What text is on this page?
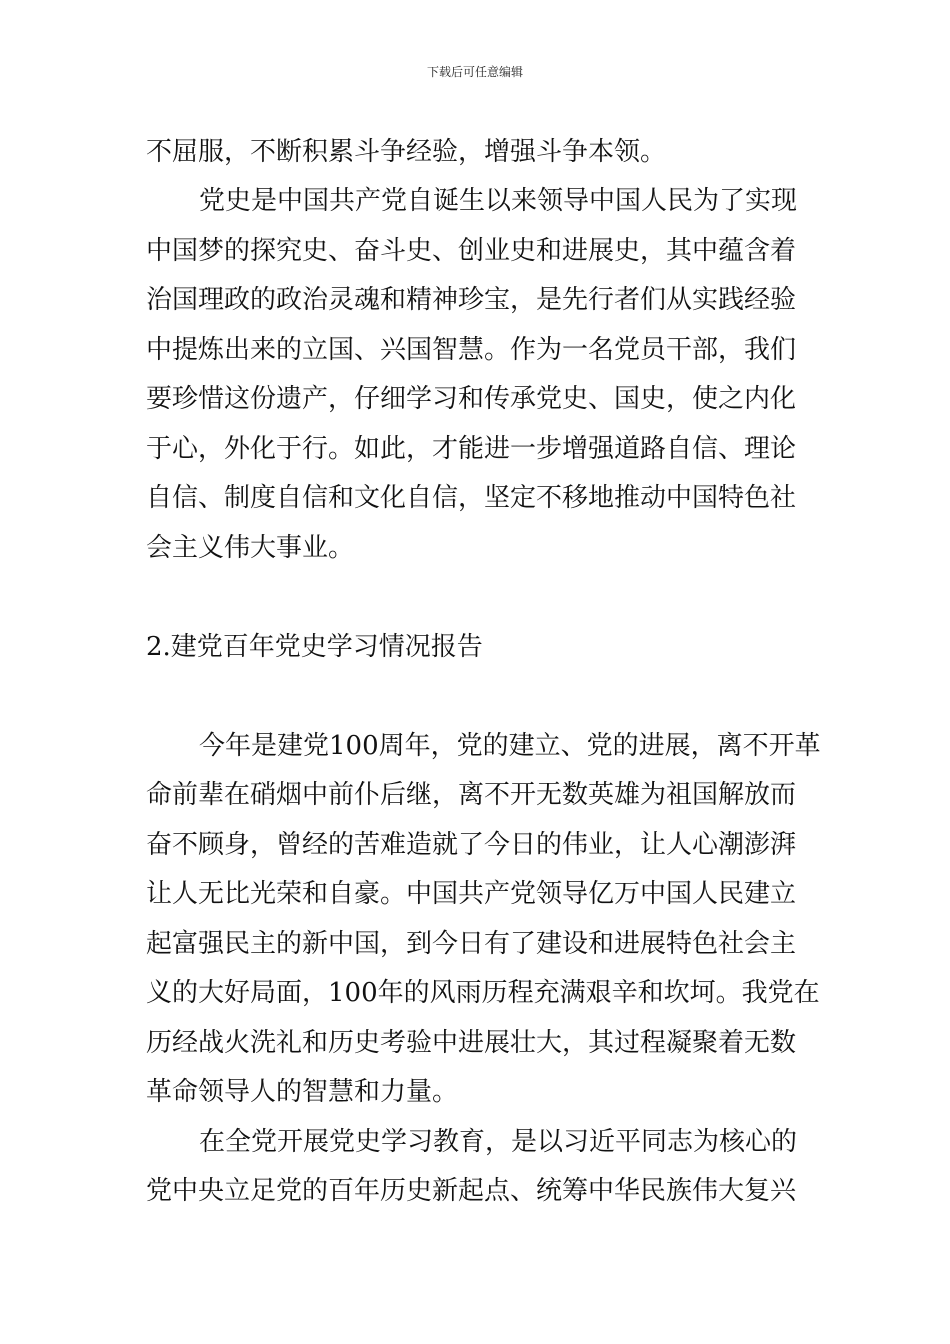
下载后可任意编辑
不屈服，不断积累斗争经验，增强斗争本领。
党史是中国共产党自诞生以来领导中国人民为了实现
中国梦的探究史、奋斗史、创业史和进展史，其中蕴含着
治国理政的政治灵魂和精神珍宝，是先行者们从实践经验
中提炼出来的立国、兴国智慧。作为一名党员干部，我们
要珍惜这份遗产，仔细学习和传承党史、国史，使之内化
于心，外化于行。如此，才能进一步增强道路自信、理论
自信、制度自信和文化自信，坚定不移地推动中国特色社
会主义伟大事业。
2.建党百年党史学习情况报告
今年是建党100周年，党的建立、党的进展，离不开革
命前辈在硝烟中前仆后继，离不开无数英雄为祖国解放而
奋不顾身，曾经的苦难造就了今日的伟业，让人心潮澎湃
让人无比光荣和自豪。中国共产党领导亿万中国人民建立
起富强民主的新中国，到今日有了建设和进展特色社会主
义的大好局面，100年的风雨历程充满艰辛和坎坷。我党在
历经战火洗礼和历史考验中进展壮大，其过程凝聚着无数
革命领导人的智慧和力量。
在全党开展党史学习教育，是以习近平同志为核心的
党中央立足党的百年历史新起点、统筹中华民族伟大复兴
